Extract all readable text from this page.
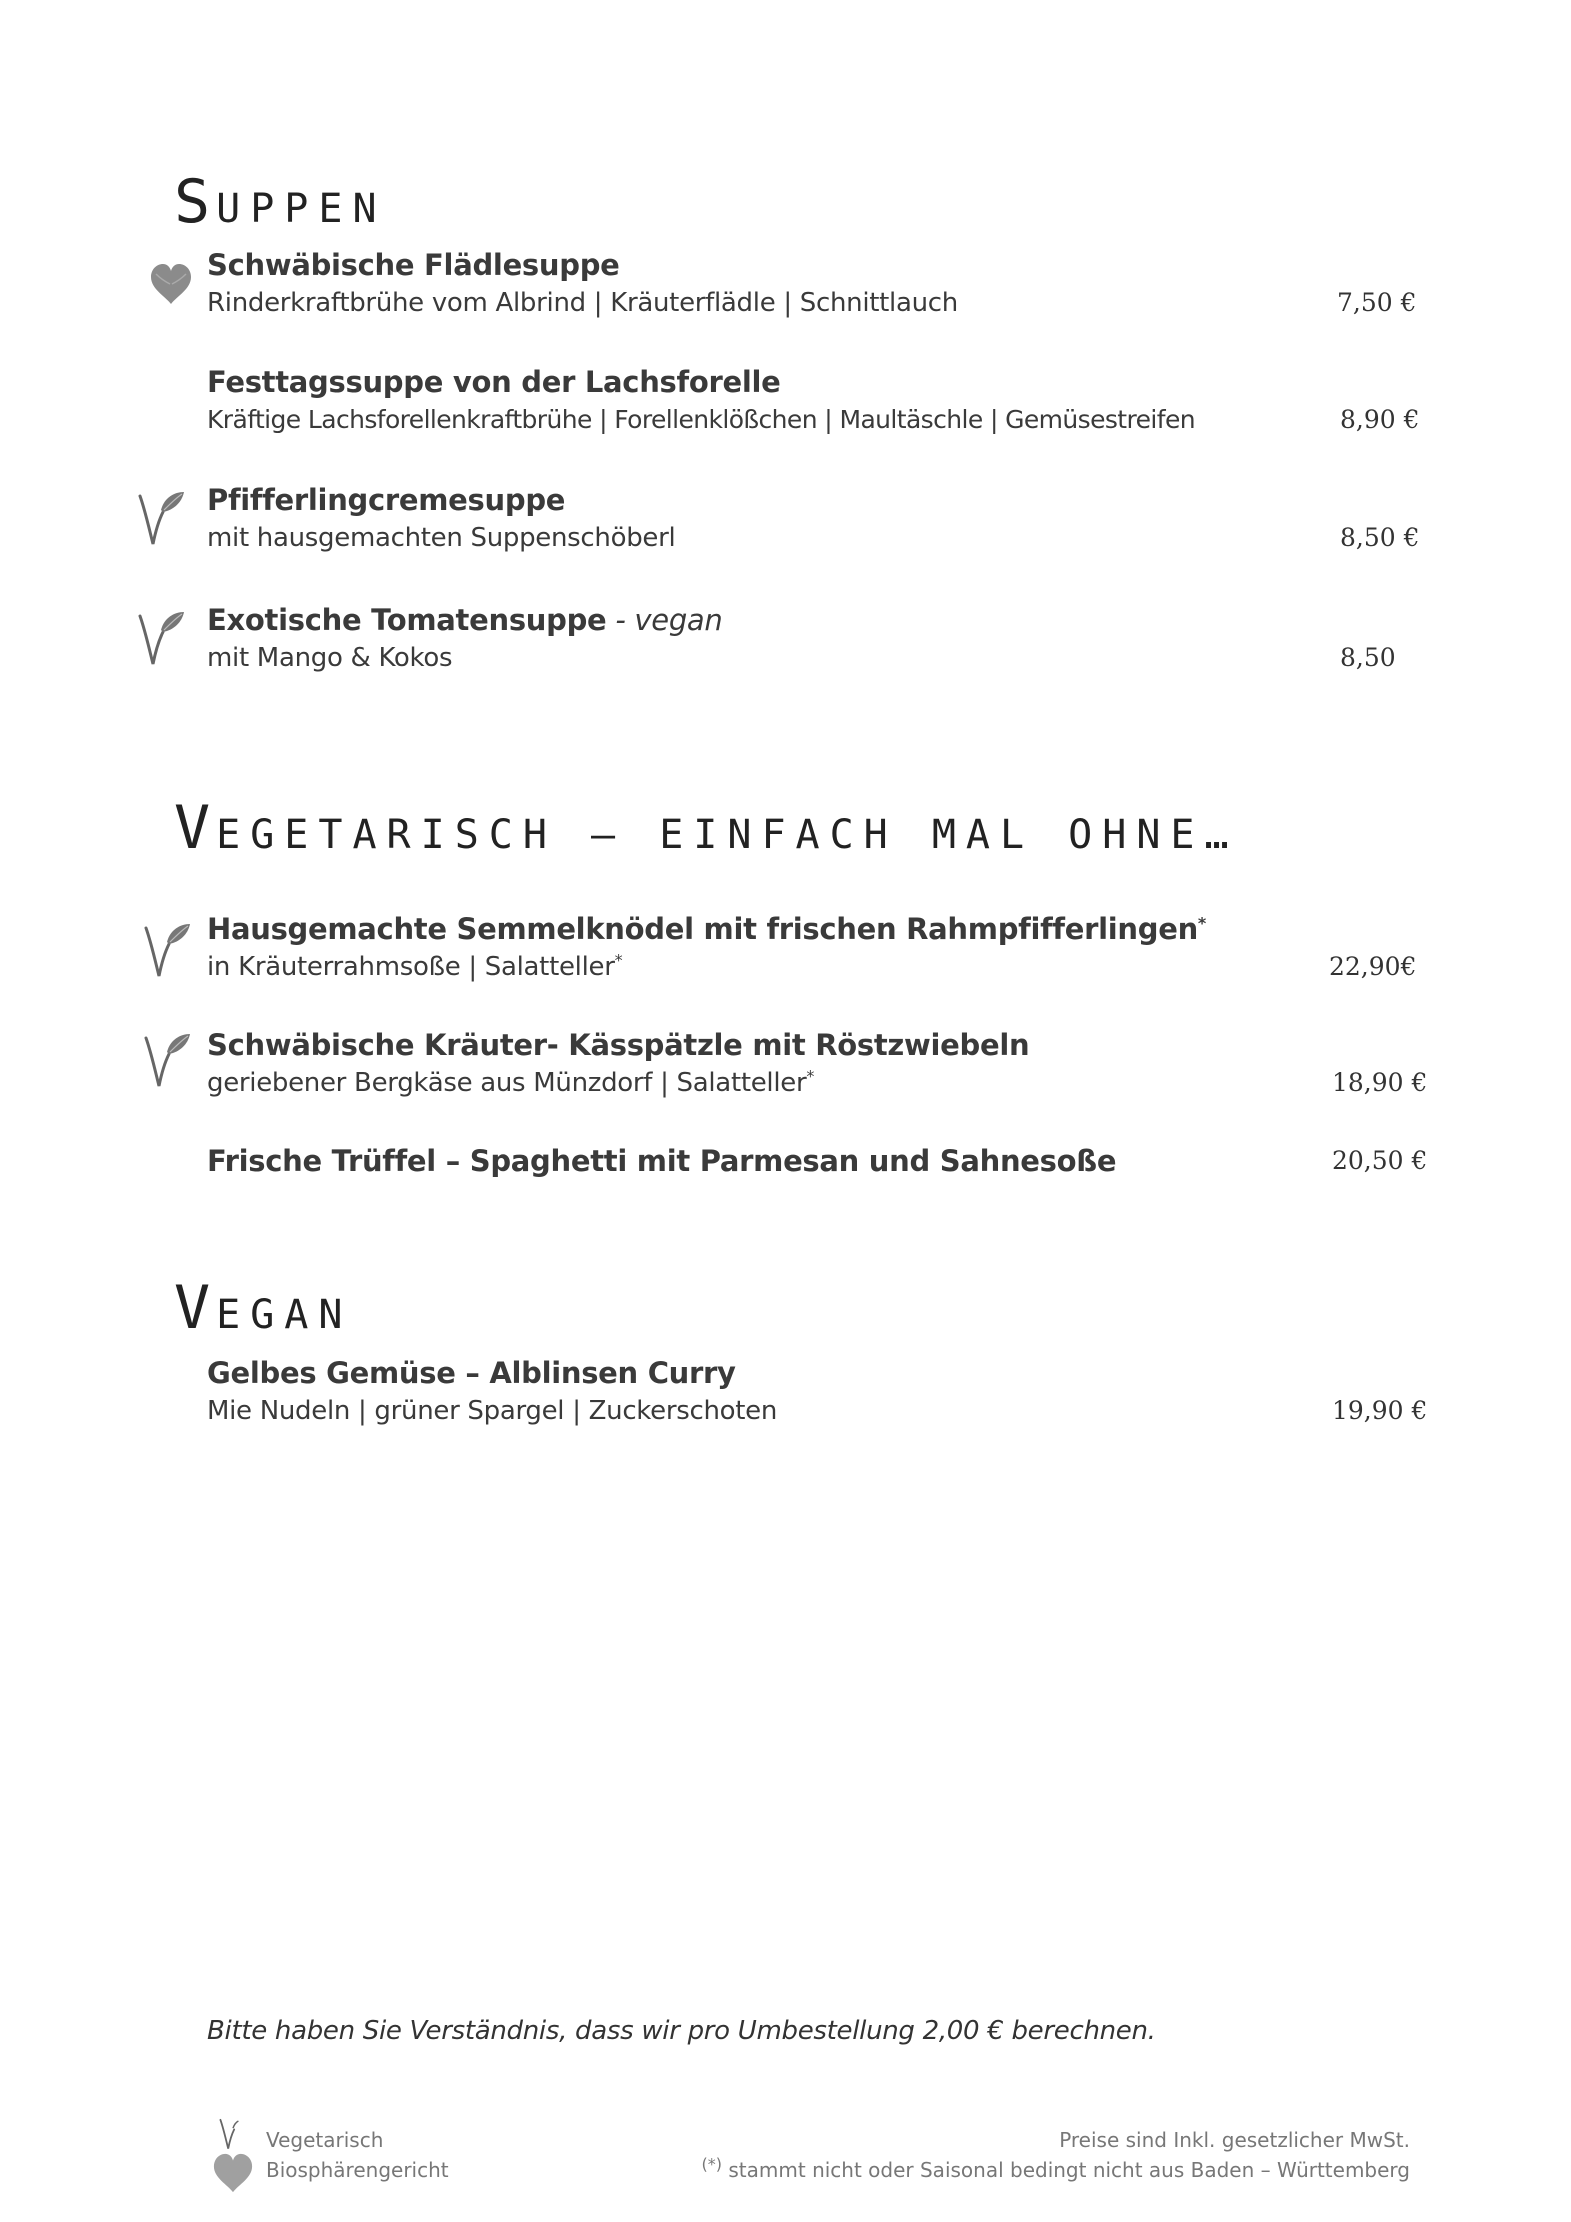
SUPPEN

Schwäbische Flädlesuppe

Rinderkraftbrühe vom Albrind | Kräuterflädle | Schnittlauch	7,50 €

Festtagssuppe von der Lachsforelle

Kräftige Lachsforellenkraftbrühe | Forellenklößchen | Maultäschle | Gemüsestreifen	8,90 €

Pfifferlingcremesuppe

mit hausgemachten Suppenschöberl	8,50 €

Exotische Tomatensuppe - vegan

mit Mango & Kokos	8,50
VEGETARISCH – EINFACH MAL OHNE…

Hausgemachte Semmelknödel mit frischen Rahmpfifferlingen*

in Kräuterrahmsoße | Salatteller*	22,90€

Schwäbische Kräuter- Kässpätzle mit Röstzwiebeln

geriebener Bergkäse aus Münzdorf | Salatteller*	18,90 €

Frische Trüffel – Spaghetti mit Parmesan und Sahnesoße	20,50 €
VEGAN

Gelbes Gemüse – Alblinsen Curry

Mie Nudeln | grüner Spargel | Zuckerschoten	19,90 €

Bitte haben Sie Verständnis, dass wir pro Umbestellung 2,00 € berechnen.

Vegetarisch
Biosphärengericht
Preise sind Inkl. gesetzlicher MwSt.
(*) stammt nicht oder Saisonal bedingt nicht aus Baden – Württemberg
